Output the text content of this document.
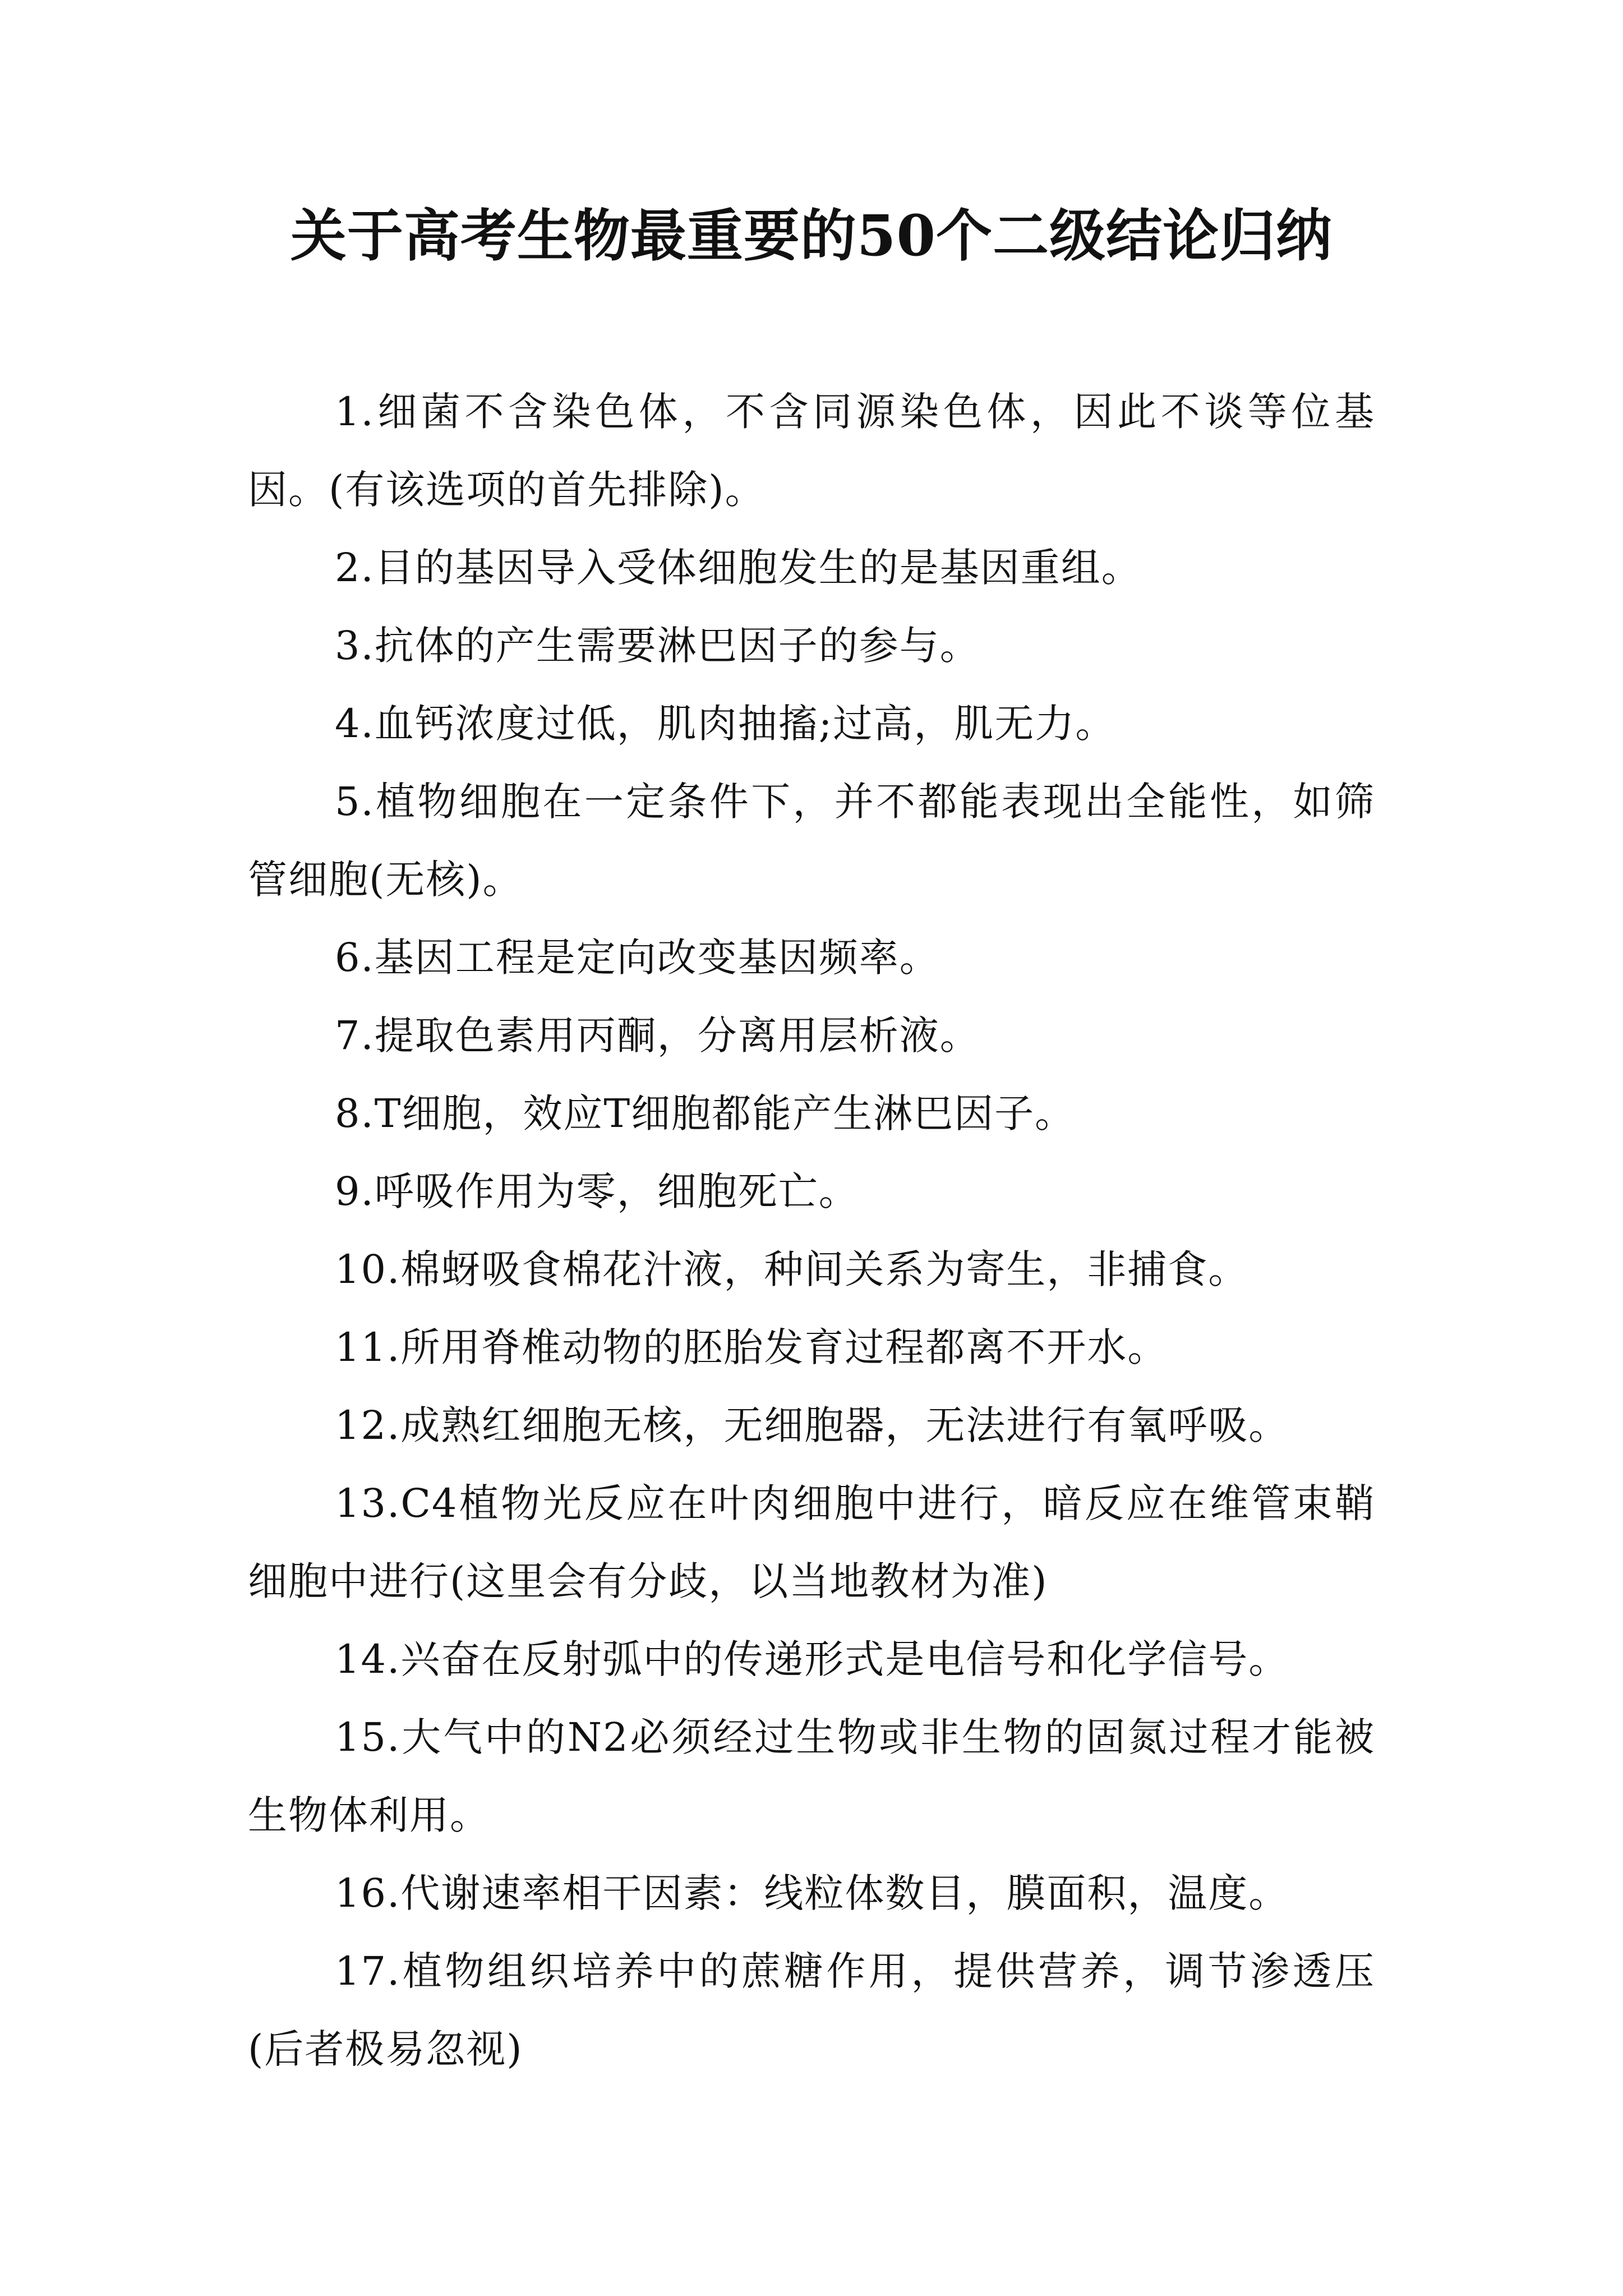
关于高考生物最重要的50个二级结论归纳

1.细菌不含染色体，不含同源染色体，因此不谈等位基因。(有该选项的首先排除)。

2.目的基因导入受体细胞发生的是基因重组。

3.抗体的产生需要淋巴因子的参与。

4.血钙浓度过低，肌肉抽搐;过高，肌无力。

5.植物细胞在一定条件下，并不都能表现出全能性，如筛管细胞(无核)。

6.基因工程是定向改变基因频率。

7.提取色素用丙酮，分离用层析液。

8.T细胞，效应T细胞都能产生淋巴因子。

9.呼吸作用为零，细胞死亡。

10.棉蚜吸食棉花汁液，种间关系为寄生，非捕食。

11.所用脊椎动物的胚胎发育过程都离不开水。

12.成熟红细胞无核，无细胞器，无法进行有氧呼吸。

13.C4植物光反应在叶肉细胞中进行，暗反应在维管束鞘细胞中进行(这里会有分歧，以当地教材为准)

14.兴奋在反射弧中的传递形式是电信号和化学信号。

15.大气中的N2必须经过生物或非生物的固氮过程才能被生物体利用。

16.代谢速率相干因素：线粒体数目，膜面积，温度。

17.植物组织培养中的蔗糖作用，提供营养，调节渗透压(后者极易忽视)
